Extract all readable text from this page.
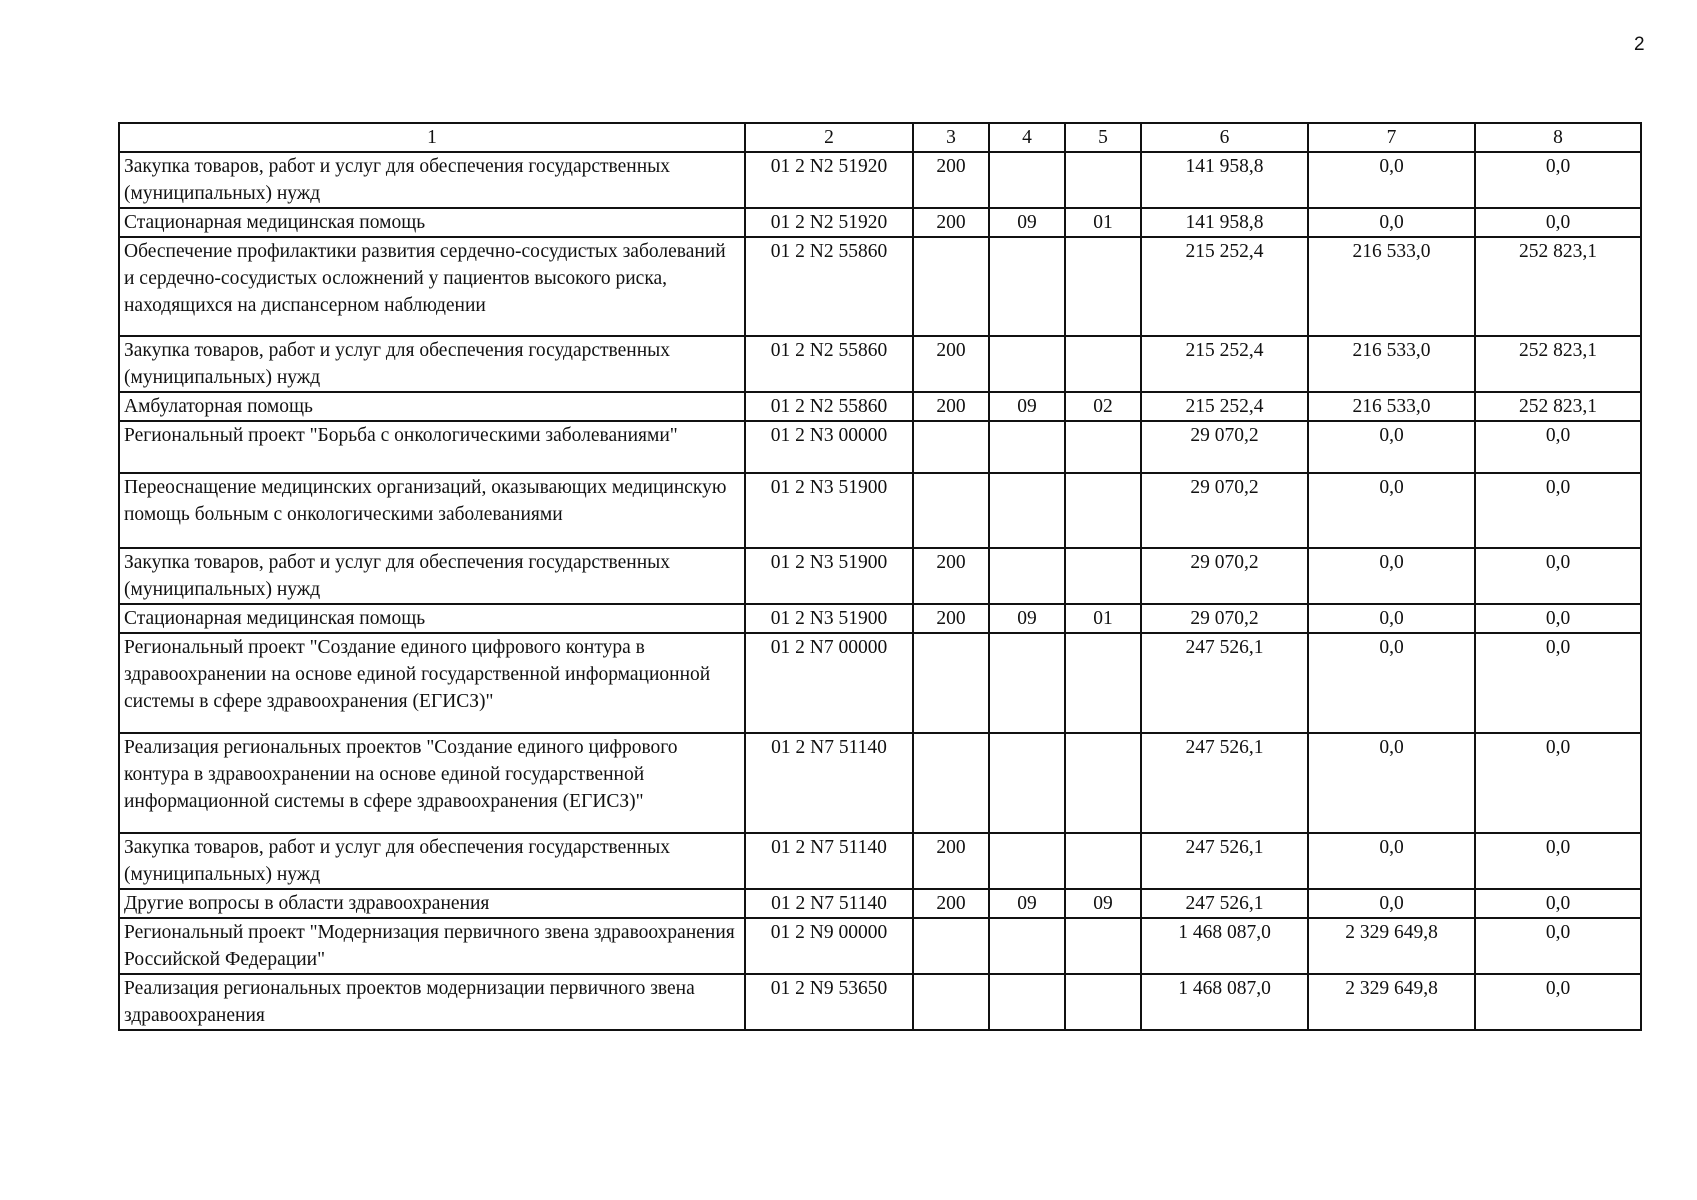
2
1	2	3	4	5	6	7	8
Закупка товаров, работ и услуг для обеспечения государственных (муниципальных) нужд	01 2 N2 51920	200			141 958,8	0,0	0,0
Стационарная медицинская помощь	01 2 N2 51920	200	09	01	141 958,8	0,0	0,0
Обеспечение профилактики развития сердечно-сосудистых заболеваний и сердечно-сосудистых осложнений у пациентов высокого риска, находящихся на диспансерном наблюдении	01 2 N2 55860				215 252,4	216 533,0	252 823,1
Закупка товаров, работ и услуг для обеспечения государственных (муниципальных) нужд	01 2 N2 55860	200			215 252,4	216 533,0	252 823,1
Амбулаторная помощь	01 2 N2 55860	200	09	02	215 252,4	216 533,0	252 823,1
Региональный проект "Борьба с онкологическими заболеваниями"	01 2 N3 00000				29 070,2	0,0	0,0
Переоснащение медицинских организаций, оказывающих медицинскую помощь больным с онкологическими заболеваниями	01 2 N3 51900				29 070,2	0,0	0,0
Закупка товаров, работ и услуг для обеспечения государственных (муниципальных) нужд	01 2 N3 51900	200			29 070,2	0,0	0,0
Стационарная медицинская помощь	01 2 N3 51900	200	09	01	29 070,2	0,0	0,0
Региональный проект "Создание единого цифрового контура в здравоохранении на основе единой государственной информационной системы в сфере здравоохранения (ЕГИСЗ)"	01 2 N7 00000				247 526,1	0,0	0,0
Реализация региональных проектов "Создание единого цифрового контура в здравоохранении на основе единой государственной информационной системы в сфере здравоохранения (ЕГИСЗ)"	01 2 N7 51140				247 526,1	0,0	0,0
Закупка товаров, работ и услуг для обеспечения государственных (муниципальных) нужд	01 2 N7 51140	200			247 526,1	0,0	0,0
Другие вопросы в области здравоохранения	01 2 N7 51140	200	09	09	247 526,1	0,0	0,0
Региональный проект "Модернизация первичного звена здравоохранения Российской Федерации"	01 2 N9 00000				1 468 087,0	2 329 649,8	0,0
Реализация региональных проектов модернизации первичного звена здравоохранения	01 2 N9 53650				1 468 087,0	2 329 649,8	0,0
